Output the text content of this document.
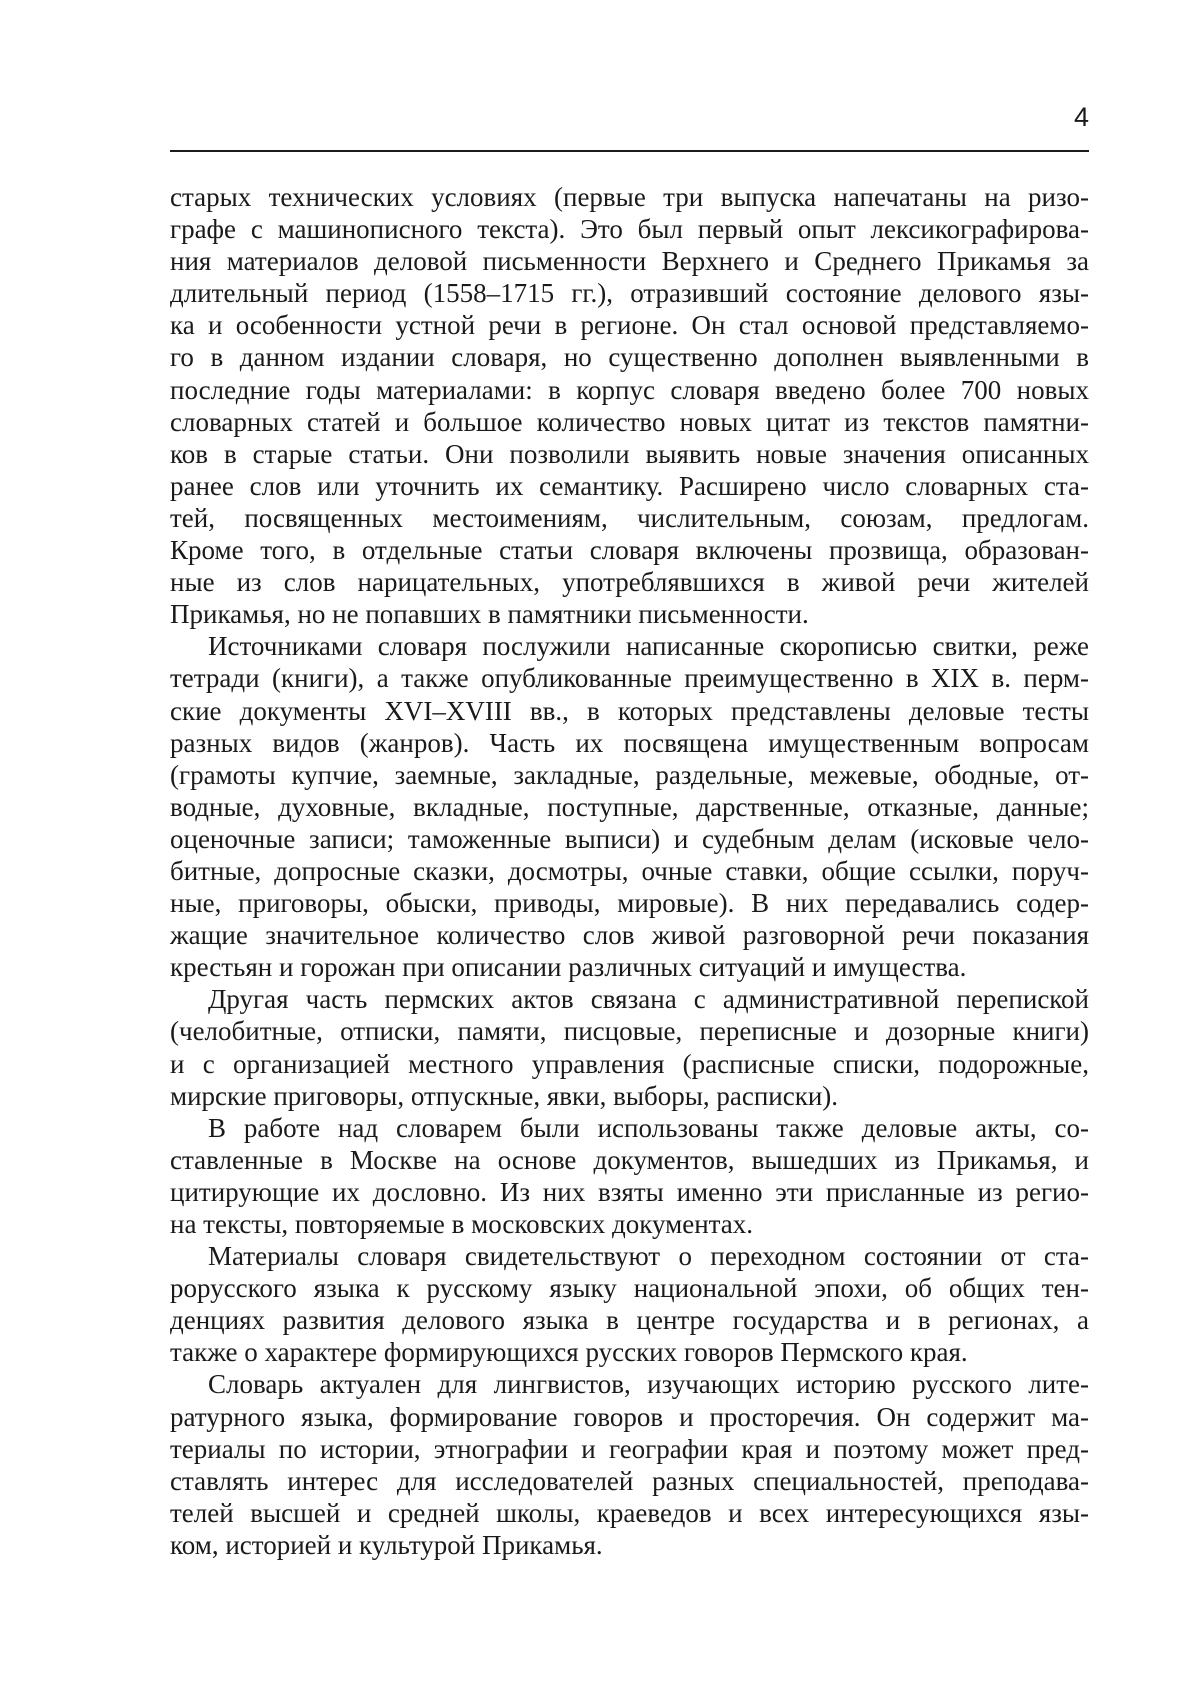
4
старых технических условиях (первые три выпуска напечатаны на ризо-
графе с машинописного текста). Это был первый опыт лексикографирова-
ния материалов деловой письменности Верхнего и Среднего Прикамья за
длительный период (1558–1715 гг.), отразивший состояние делового язы-
ка и особенности устной речи в регионе. Он стал основой представляемо-
го в данном издании словаря, но существенно дополнен выявленными в
последние годы материалами: в корпус словаря введено более 700 новых
словарных статей и большое количество новых цитат из текстов памятни-
ков в старые статьи. Они позволили выявить новые значения описанных
ранее слов или уточнить их семантику. Расширено число словарных ста-
тей, посвященных местоимениям, числительным, союзам, предлогам.
Кроме того, в отдельные статьи словаря включены прозвища, образован-
ные из слов нарицательных, употреблявшихся в живой речи жителей
Прикамья, но не попавших в памятники письменности.
Источниками словаря послужили написанные скорописью свитки, реже
тетради (книги), а также опубликованные преимущественно в XIX в. перм-
ские документы XVI–XVIII вв., в которых представлены деловые тесты
разных видов (жанров). Часть их посвящена имущественным вопросам
(грамоты купчие, заемные, закладные, раздельные, межевые, ободные, от-
водные, духовные, вкладные, поступные, дарственные, отказные, данные;
оценочные записи; таможенные выписи) и судебным делам (исковые чело-
битные, допросные сказки, досмотры, очные ставки, общие ссылки, поруч-
ные, приговоры, обыски, приводы, мировые). В них передавались содер-
жащие значительное количество слов живой разговорной речи показания
крестьян и горожан при описании различных ситуаций и имущества.
Другая часть пермских актов связана с административной перепиской
(челобитные, отписки, памяти, писцовые, переписные и дозорные книги)
и с организацией местного управления (расписные списки, подорожные,
мирские приговоры, отпускные, явки, выборы, расписки).
В работе над словарем были использованы также деловые акты, со-
ставленные в Москве на основе документов, вышедших из Прикамья, и
цитирующие их дословно. Из них взяты именно эти присланные из регио-
на тексты, повторяемые в московских документах.
Материалы словаря свидетельствуют о переходном состоянии от ста-
рорусского языка к русскому языку национальной эпохи, об общих тен-
денциях развития делового языка в центре государства и в регионах, а
также о характере формирующихся русских говоров Пермского края.
Словарь актуален для лингвистов, изучающих историю русского лите-
ратурного языка, формирование говоров и просторечия. Он содержит ма-
териалы по истории, этнографии и географии края и поэтому может пред-
ставлять интерес для исследователей разных специальностей, преподава-
телей высшей и средней школы, краеведов и всех интересующихся язы-
ком, историей и культурой Прикамья.
